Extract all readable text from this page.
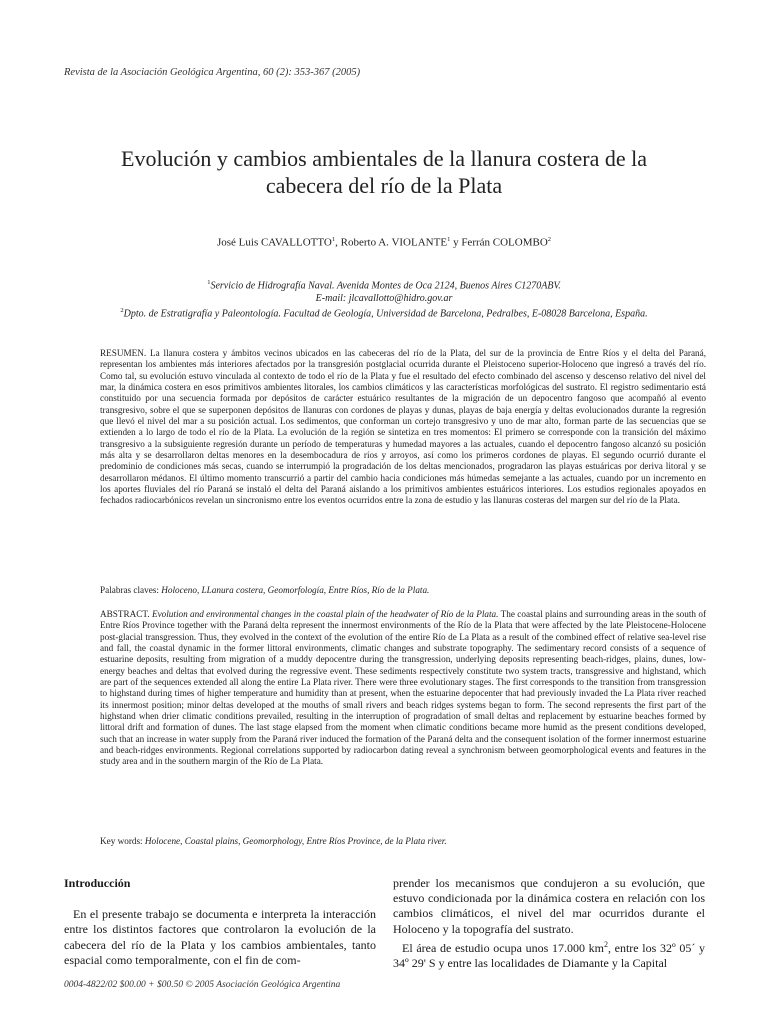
Revista de la Asociación Geológica Argentina, 60 (2): 353-367 (2005)
Evolución y cambios ambientales de la llanura costera de la
cabecera del río de la Plata
José Luis CAVALLOTTO$^1$, Roberto A. VIOLANTE$^1$ y Ferrán COLOMBO$^2$
$^1$Servicio de Hidrografía Naval. Avenida Montes de Oca 2124, Buenos Aires C1270ABV.
E-mail: jlcavallotto@hidro.gov.ar
$^2$Dpto. de Estratigrafía y Paleontología. Facultad de Geología, Universidad de Barcelona, Pedralbes, E-08028 Barcelona, España.

RESUMEN. La llanura costera y ámbitos vecinos ubicados en las cabeceras del río de la Plata, del sur de la provincia de Entre Ríos y el delta del Paraná, representan los ambientes más interiores afectados por la transgresión postglacial ocurrida durante el Pleistoceno superior-Holoceno que ingresó a través del río. Como tal, su evolución estuvo vinculada al contexto de todo el río de la Plata y fue el resultado del efecto combinado del ascenso y descenso relativo del nivel del mar, la dinámica costera en esos primitivos ambientes litorales, los cambios climáticos y las características morfológicas del sustrato. El registro sedimentario está constituido por una secuencia formada por depósitos de carácter estuárico resultantes de la migración de un depocentro fangoso que acompañó al evento transgresivo, sobre el que se superponen depósitos de llanuras con cordones de playas y dunas, playas de baja energía y deltas evolucionados durante la regresión que llevó el nivel del mar a su posición actual. Los sedimentos, que conforman un cortejo transgresivo y uno de mar alto, forman parte de las secuencias que se extienden a lo largo de todo el río de la Plata. La evolución de la región se sintetiza en tres momentos: El primero se corresponde con la transición del máximo transgresivo a la subsiguiente regresión durante un período de temperaturas y humedad mayores a las actuales, cuando el depocentro fangoso alcanzó su posición más alta y se desarrollaron deltas menores en la desembocadura de ríos y arroyos, así como los primeros cordones de playas. El segundo ocurrió durante el predominio de condiciones más secas, cuando se interrumpió la progradación de los deltas mencionados, progradaron las playas estuáricas por deriva litoral y se desarrollaron médanos. El último momento transcurrió a partir del cambio hacia condiciones más húmedas semejante a las actuales, cuando por un incremento en los aportes fluviales del río Paraná se instaló el delta del Paraná aislando a los primitivos ambientes estuáricos interiores. Los estudios regionales apoyados en fechados radiocarbónicos revelan un sincronismo entre los eventos ocurridos entre la zona de estudio y las llanuras costeras del margen sur del río de la Plata.

Palabras claves: Holoceno, LLanura costera, Geomorfología, Entre Ríos, Río de la Plata.

ABSTRACT. Evolution and environmental changes in the coastal plain of the headwater of Río de la Plata. The coastal plains and surrounding areas in the south of Entre Ríos Province together with the Paraná delta represent the innermost environments of the Río de la Plata that were affected by the late Pleistocene-Holocene post-glacial transgression. Thus, they evolved in the context of the evolution of the entire Río de La Plata as a result of the combined effect of relative sea-level rise and fall, the coastal dynamic in the former littoral environments, climatic changes and substrate topography. The sedimentary record consists of a sequence of estuarine deposits, resulting from migration of a muddy depocentre during the transgression, underlying deposits representing beach-ridges, plains, dunes, low-energy beaches and deltas that evolved during the regressive event. These sediments respectively constitute two system tracts, transgressive and highstand, which are part of the sequences extended all along the entire La Plata river. There were three evolutionary stages. The first corresponds to the transition from transgression to highstand during times of higher temperature and humidity than at present, when the estuarine depocenter that had previously invaded the La Plata river reached its innermost position; minor deltas developed at the mouths of small rivers and beach ridges systems began to form. The second represents the first part of the highstand when drier climatic conditions prevailed, resulting in the interruption of progradation of small deltas and replacement by estuarine beaches formed by littoral drift and formation of dunes. The last stage elapsed from the moment when climatic conditions became more humid as the present conditions developed, such that an increase in water supply from the Paraná river induced the formation of the Paraná delta and the consequent isolation of the former innermost estuarine and beach-ridges environments. Regional correlations supported by radiocarbon dating reveal a synchronism between geomorphological events and features in the study area and in the southern margin of the Río de La Plata.

Key words: Holocene, Coastal plains, Geomorphology, Entre Ríos Province, de la Plata river.

Introducción

En el presente trabajo se documenta e interpreta la interacción entre los distintos factores que controlaron la evolución de la cabecera del río de la Plata y los cambios ambientales, tanto espacial como temporalmente, con el fin de com-

prender los mecanismos que condujeron a su evolución, que estuvo condicionada por la dinámica costera en relación con los cambios climáticos, el nivel del mar ocurridos durante el Holoceno y la topografía del sustrato.

El área de estudio ocupa unos 17.000 $km^2$, entre los 32º 05´ y 34º 29' S y entre las localidades de Diamante y la Capital

0004-4822/02 $00.00 + $00.50 © 2005 Asociación Geológica Argentina
